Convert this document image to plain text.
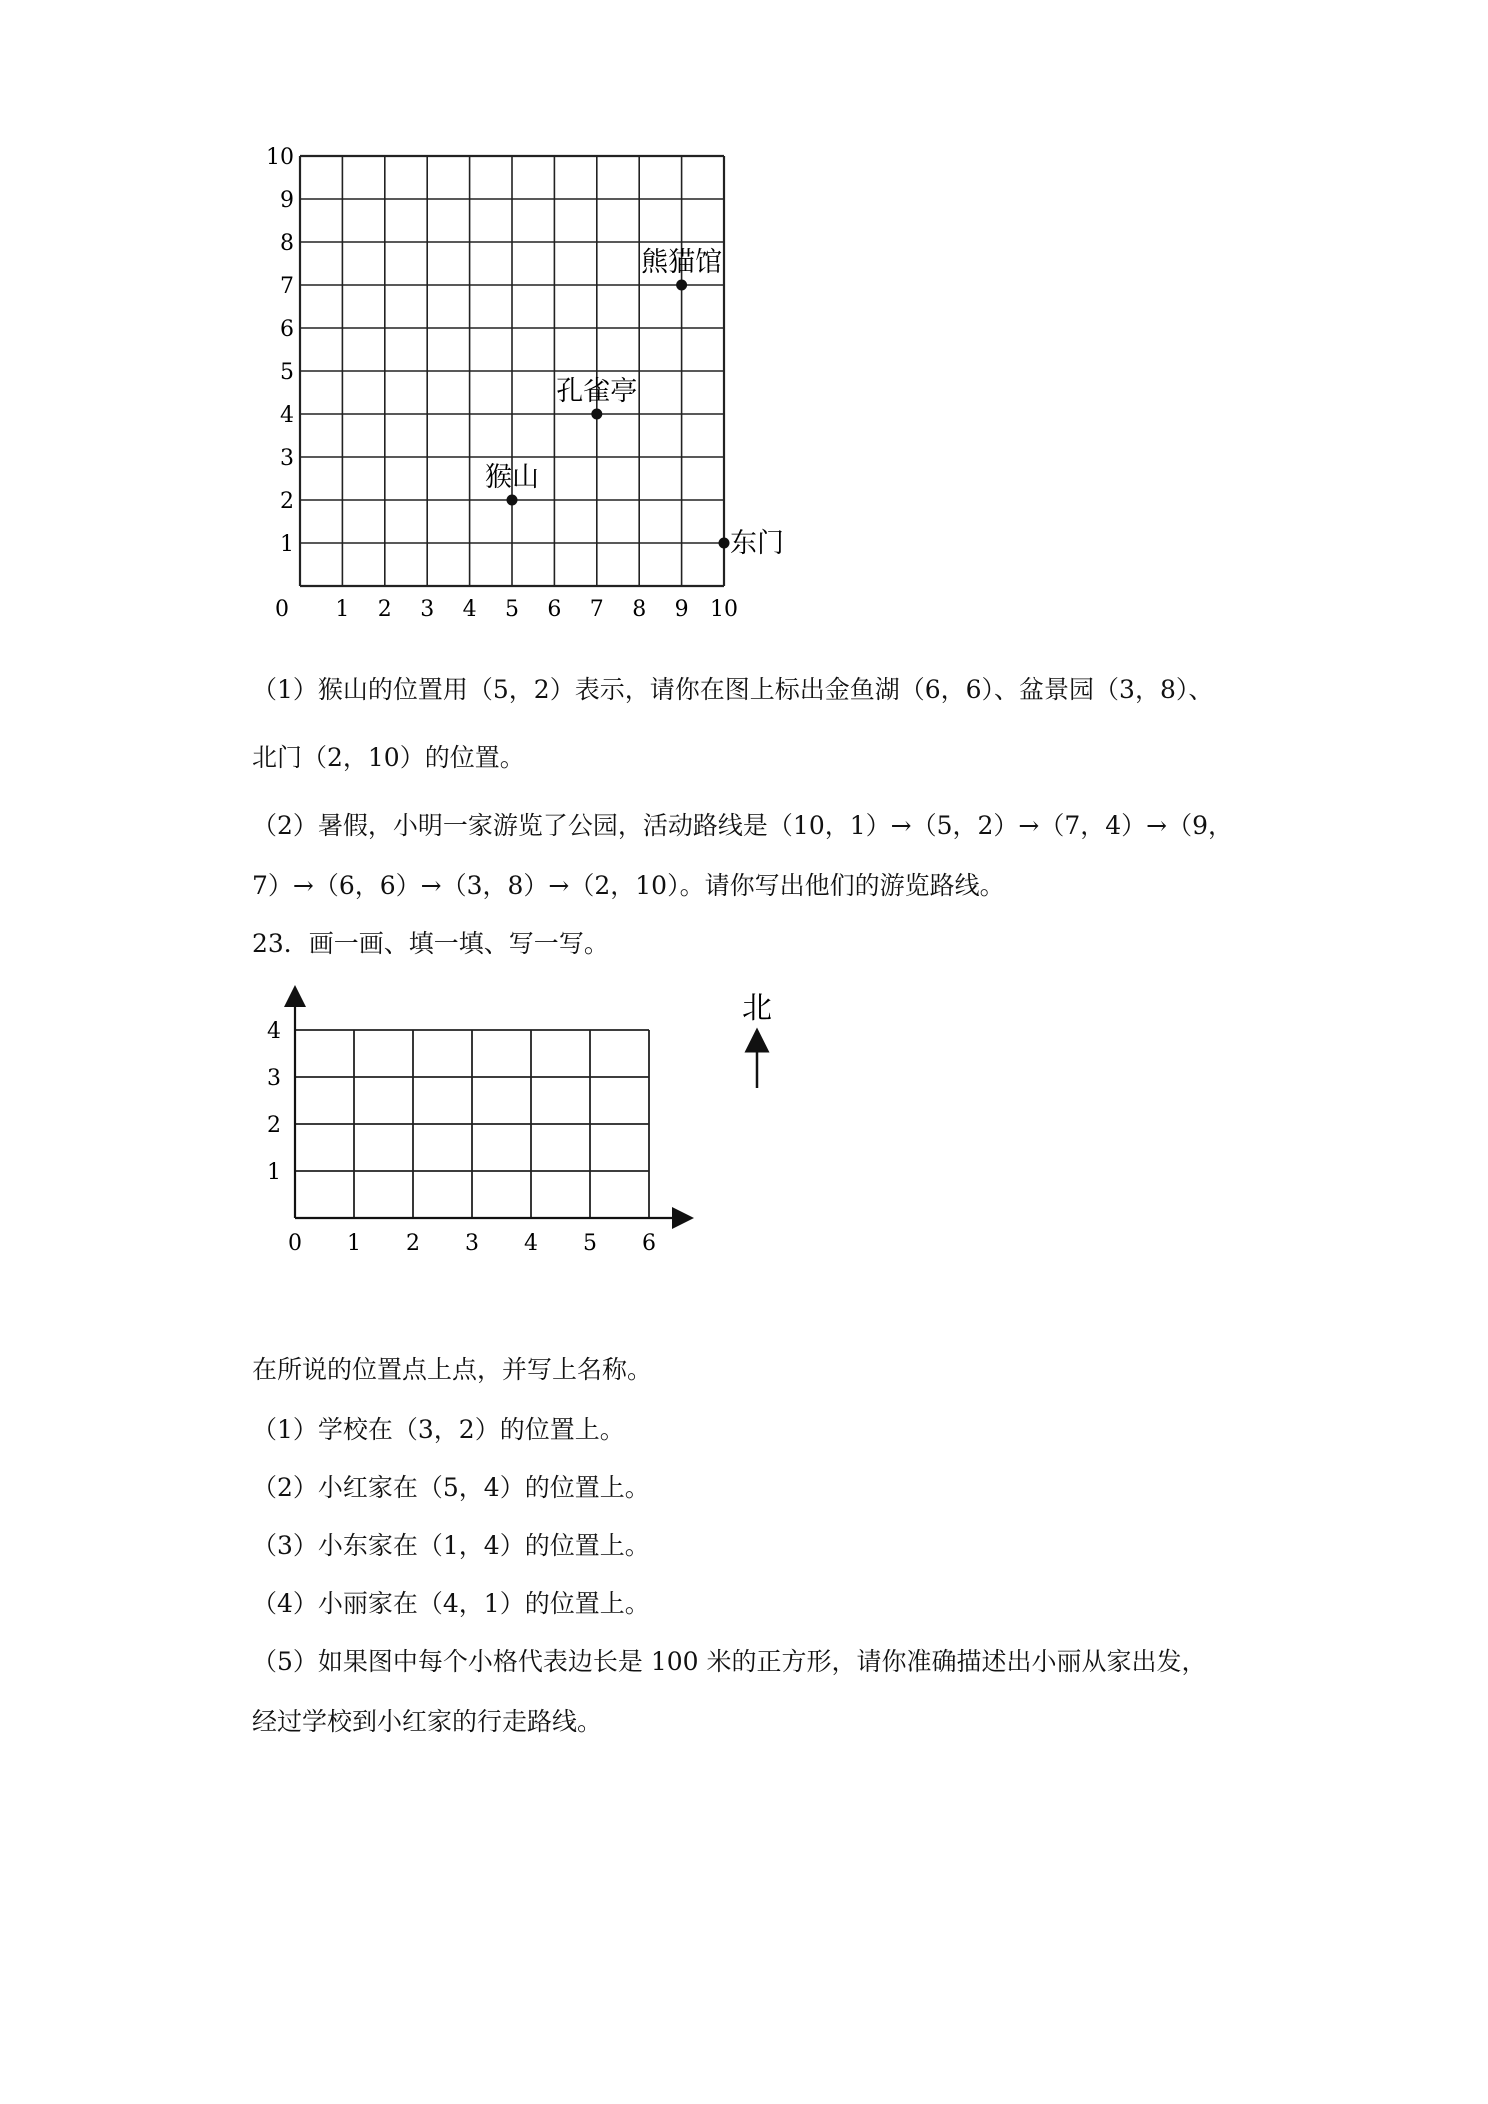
0 1 2 3 4 5 6 7 8 9 10
1
2
3
4
5
6
7
8
9
10
熊猫馆
孔雀亭
猴山
东门
（1）猴山的位置用（5，2）表示，请你在图上标出金鱼湖（6，6）、盆景园（3，8）、
北门（2，10）的位置。
（2）暑假，小明一家游览了公园，活动路线是（10，1）→（5，2）→（7，4）→（9，
7）→（6，6）→（3，8）→（2，10）。请你写出他们的游览路线。
23．画一画、填一填、写一写。
0 1 2 3 4 5 6
1
2
3
4
北
在所说的位置点上点，并写上名称。
（1）学校在（3，2）的位置上。
（2）小红家在（5，4）的位置上。
（3）小东家在（1，4）的位置上。
（4）小丽家在（4，1）的位置上。
（5）如果图中每个小格代表边长是 100 米的正方形，请你准确描述出小丽从家出发，
经过学校到小红家的行走路线。
